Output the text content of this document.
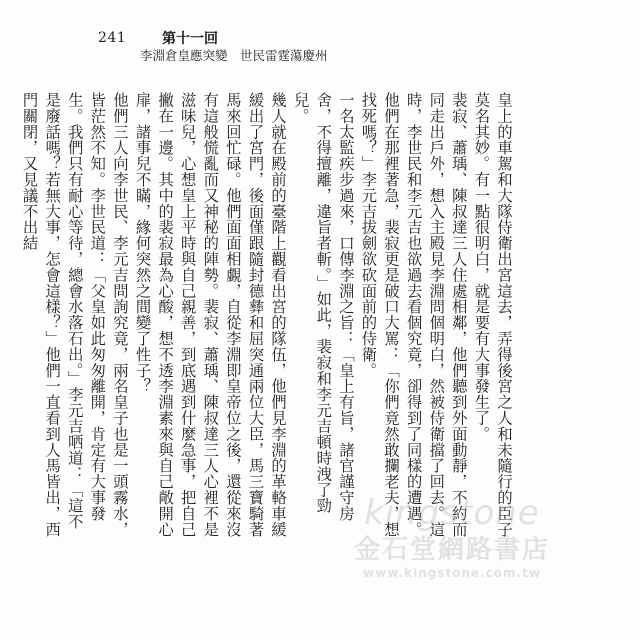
241	第十一回
李淵倉皇應突變　世民雷霆蕩慶州

皇上的車駕和大隊侍衛出宮這去，弄得後宮之人和未隨行的臣子莫名其妙。有一點很明白，就是要有大事發生了。

裴寂、蕭瑀、陳叔達三人住處相鄰，他們聽到外面動靜，不約而同走出戶外，想入主殿見李淵問個明白，然被侍衛擋了回去。這時，李世民和李元吉也欲過去看個究竟，卻得到了同樣的遭遇。他們在那裡著急，裴寂更是破口大罵：「你們竟然敢攔老夫，想找死嗎？」李元吉拔劍欲砍面前的侍衛。

一名太監疾步過來，口傳李淵之旨：「皇上有旨，諸官謹守房舍，不得擅離，違旨者斬。」如此，裴寂和李元吉頓時洩了勁兒。

幾人就在殿前的臺階上觀看出宮的隊伍，他們見李淵的革輅車緩緩出了宮門，後面僅跟隨封德彝和屈突通兩位大臣，馬三寶騎著馬來回忙碌。他們面面相覷，自從李淵即皇帝位之後，還從來沒有這般慌亂而又神秘的陣勢。裴寂、蕭瑀、陳叔達三人心裡不是滋味兒，心想皇上平時與自己親善，到底遇到什麼急事，把自己撇在一邊。其中的裴寂最為心酸，想不透李淵素來與自己敞開心扉，諸事兒不瞞，緣何突然之間變了性子？

他們三人向李世民、李元吉問詢究竟，兩名皇子也是一頭霧水，皆茫然不知。李世民道：「父皇如此匆匆離開，肯定有大事發生。我們只有耐心等待，總會水落石出。」李元吉哂道：「這不是廢話嗎？若無大事，怎會這樣？」他們一直看到人馬皆出，西門關閉，又見議不出結

kingstone
金石堂網路書店
www.kingstone.com.tw
